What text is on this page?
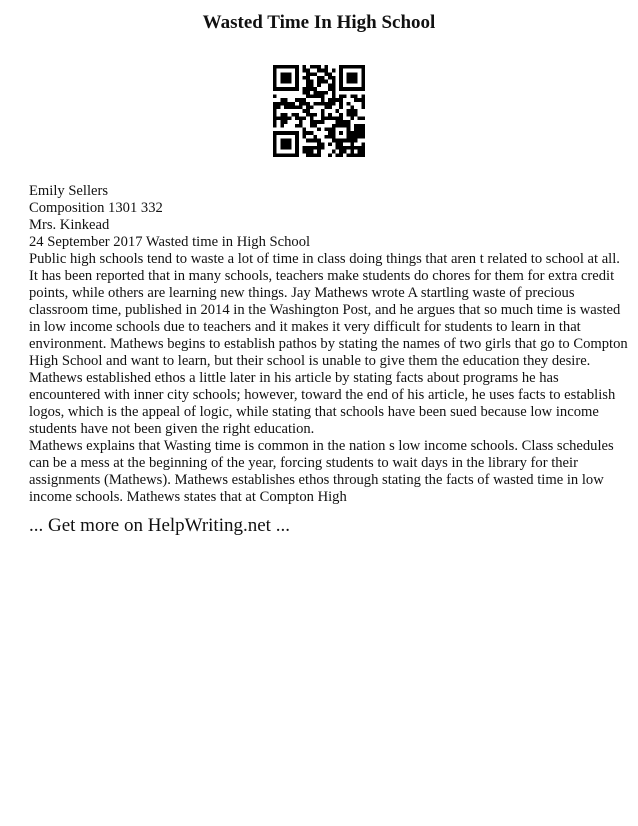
Wasted Time In High School
Emily Sellers
Composition 1301 332
Mrs. Kinkead
24 September 2017 Wasted time in High School
Public high schools tend to waste a lot of time in class doing things that aren t related to school at all.
It has been reported that in many schools, teachers make students do chores for them for extra credit
points, while others are learning new things. Jay Mathews wrote A startling waste of precious
classroom time, published in 2014 in the Washington Post, and he argues that so much time is wasted
in low income schools due to teachers and it makes it very difficult for students to learn in that
environment. Mathews begins to establish pathos by stating the names of two girls that go to Compton
High School and want to learn, but their school is unable to give them the education they desire.
Mathews established ethos a little later in his article by stating facts about programs he has
encountered with inner city schools; however, toward the end of his article, he uses facts to establish
logos, which is the appeal of logic, while stating that schools have been sued because low income
students have not been given the right education.
Mathews explains that Wasting time is common in the nation s low income schools. Class schedules
can be a mess at the beginning of the year, forcing students to wait days in the library for their
assignments (Mathews). Mathews establishes ethos through stating the facts of wasted time in low
income schools. Mathews states that at Compton High

... Get more on HelpWriting.net ...
